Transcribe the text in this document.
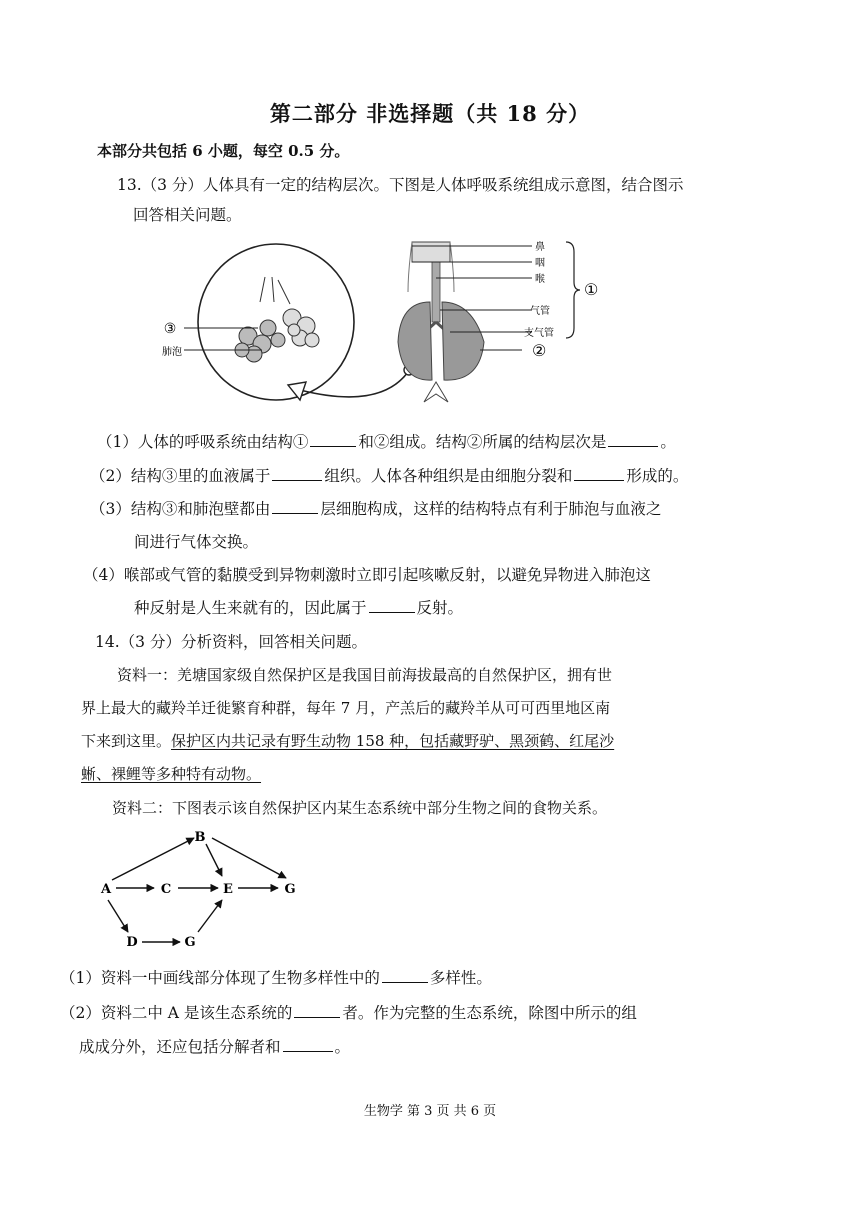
第二部分 非选择题（共 18 分）
本部分共包括 6 小题，每空 0.5 分。
13.（3 分）人体具有一定的结构层次。下图是人体呼吸系统组成示意图，结合图示
回答相关问题。
③
肺泡
鼻
咽
喉
气管
支气管
①
②
（1）人体的呼吸系统由结构①	和②组成。结构②所属的结构层次是	。
（2）结构③里的血液属于	组织。人体各种组织是由细胞分裂和	形成的。
（3）结构③和肺泡壁都由	层细胞构成，这样的结构特点有利于肺泡与血液之
间进行气体交换。
（4）喉部或气管的黏膜受到异物刺激时立即引起咳嗽反射，以避免异物进入肺泡这
种反射是人生来就有的，因此属于	反射。
14.（3 分）分析资料，回答相关问题。
资料一：羌塘国家级自然保护区是我国目前海拔最高的自然保护区，拥有世
界上最大的藏羚羊迁徙繁育种群，每年 7 月，产羔后的藏羚羊从可可西里地区南
下来到这里。保护区内共记录有野生动物 158 种，包括藏野驴、黑颈鹤、红尾沙
蜥、裸鲤等多种特有动物。
资料二：下图表示该自然保护区内某生态系统中部分生物之间的食物关系。
A
B
C
D
E	G
G
（1）资料一中画线部分体现了生物多样性中的	多样性。
（2）资料二中 A 是该生态系统的	者。作为完整的生态系统，除图中所示的组
成成分外，还应包括分解者和	。
生物学 第 3 页 共 6 页
